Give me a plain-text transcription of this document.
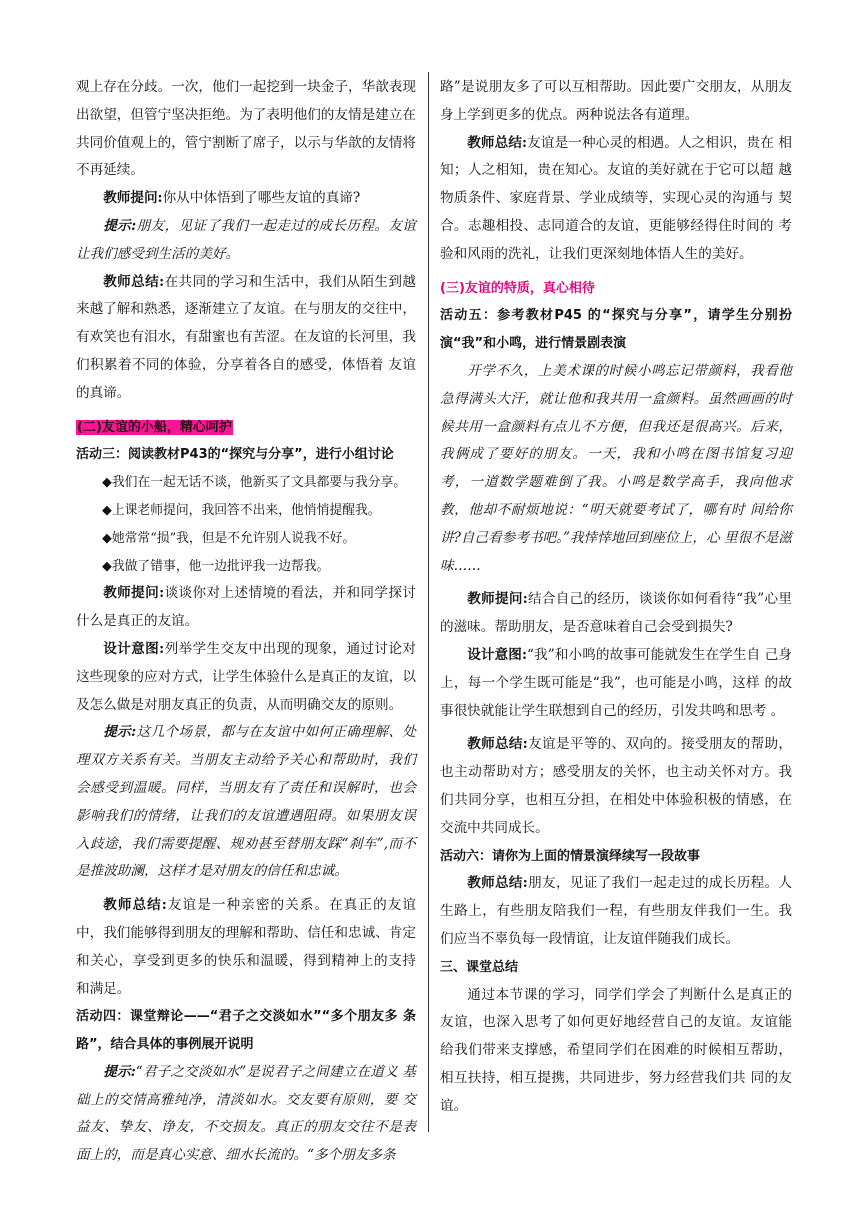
观上存在分歧。一次，他们一起挖到一块金子，华歆表现出欲望，但管宁坚决拒绝。为了表明他们的友情是建立在共同价值观上的，管宁割断了席子，以示与华歆的友情将不再延续。

教师提问:你从中体悟到了哪些友谊的真谛?

提示:朋友，见证了我们一起走过的成长历程。友谊让我们感受到生活的美好。

教师总结:在共同的学习和生活中，我们从陌生到越来越了解和熟悉，逐渐建立了友谊。在与朋友的交往中，有欢笑也有泪水，有甜蜜也有苦涩。在友谊的长河里，我们积累着不同的体验，分享着各自的感受，体悟着 友谊的真谛。

(二)友谊的小船，精心呵护

活动三：阅读教材P43的“探究与分享”，进行小组讨论

◆我们在一起无话不谈，他新买了文具都要与我分享。

◆上课老师提问，我回答不出来，他悄悄提醒我。

◆她常常“损”我，但是不允许别人说我不好。

◆我做了错事，他一边批评我一边帮我。

教师提问:谈谈你对上述情境的看法，并和同学探讨什么是真正的友谊。

设计意图:列举学生交友中出现的现象，通过讨论对 这些现象的应对方式，让学生体验什么是真正的友谊，以 及怎么做是对朋友真正的负责，从而明确交友的原则。

提示:这几个场景，都与在友谊中如何正确理解、处 理双方关系有关。当朋友主动给予关心和帮助时，我们 会感受到温暖。同样，当朋友有了责任和误解时，也会 影响我们的情绪，让我们的友谊遭遇阻碍。如果朋友误 入歧途，我们需要提醒、规劝甚至替朋友踩“刹车”,而不 是推波助澜，这样才是对朋友的信任和忠诚。

教师总结:友谊是一种亲密的关系。在真正的友谊中，我们能够得到朋友的理解和帮助、信任和忠诚、肯定 和关心，享受到更多的快乐和温暖，得到精神上的支持 和满足。

活动四：课堂辩论——“君子之交淡如水”“多个朋友多 条路”，结合具体的事例展开说明

提示:“君子之交淡如水”是说君子之间建立在道义 基础上的交情高雅纯净，清淡如水。交友要有原则，要 交益友、挚友、诤友，不交损友。真正的朋友交往不是表 面上的，而是真心实意、细水长流的。“多个朋友多条

路”是说朋友多了可以互相帮助。因此要广交朋友，从朋友身上学到更多的优点。两种说法各有道理。

教师总结:友谊是一种心灵的相遇。人之相识，贵在 相知；人之相知，贵在知心。友谊的美好就在于它可以超 越物质条件、家庭背景、学业成绩等，实现心灵的沟通与 契合。志趣相投、志同道合的友谊，更能够经得住时间的 考验和风雨的洗礼，让我们更深刻地体悟人生的美好。

(三)友谊的特质，真心相待

活动五：参考教材P45 的“探究与分享”，请学生分别扮 演“我”和小鸣，进行情景剧表演

开学不久，上美术课的时候小鸣忘记带颜料，我看他急得满头大汗，就让他和我共用一盒颜料。虽然画画的时候共用一盒颜料有点儿不方便，但我还是很高兴。后来，我俩成了要好的朋友。一天，我和小鸣在图书馆复习迎考，一道数学题难倒了我。小鸣是数学高手，我向他求教，他却不耐烦地说：“明天就要考试了，哪有时 间给你讲?自己看参考书吧。”我悻悻地回到座位上，心 里很不是滋味……

教师提问:结合自己的经历，谈谈你如何看待“我”心里的滋味。帮助朋友，是否意味着自己会受到损失?

设计意图:“我”和小鸣的故事可能就发生在学生自 己身上，每一个学生既可能是“我”，也可能是小鸣，这样 的故事很快就能让学生联想到自己的经历，引发共鸣和思考 。

教师总结:友谊是平等的、双向的。接受朋友的帮助，也主动帮助对方；感受朋友的关怀，也主动关怀对方。我们共同分享，也相互分担，在相处中体验积极的情感，在交流中共同成长。

活动六：请你为上面的情景演绎续写一段故事

教师总结:朋友，见证了我们一起走过的成长历程。人生路上，有些朋友陪我们一程，有些朋友伴我们一生。我们应当不辜负每一段情谊，让友谊伴随我们成长。

三、课堂总结

通过本节课的学习，同学们学会了判断什么是真正的友谊，也深入思考了如何更好地经营自己的友谊。友谊能给我们带来支撑感，希望同学们在困难的时候相互帮助，相互扶持，相互提携，共同进步，努力经营我们共 同的友谊。
